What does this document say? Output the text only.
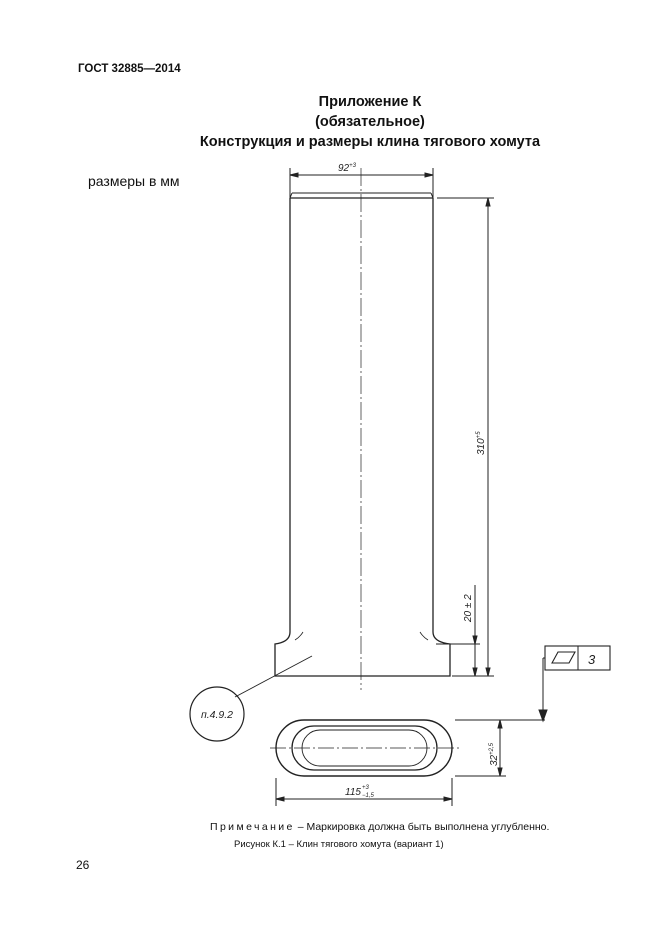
ГОСТ 32885—2014
Приложение К
(обязательное)
Конструкция и размеры клина тягового хомута
размеры в мм
$92^{+3}$
$310^{+5}$
20 ± 2
$32^{+2,5}$
115 +3
−1,5
п.4.9.2
3
Примечание – Маркировка должна быть выполнена углубленно.
Рисунок К.1 – Клин тягового хомута (вариант 1)
26
